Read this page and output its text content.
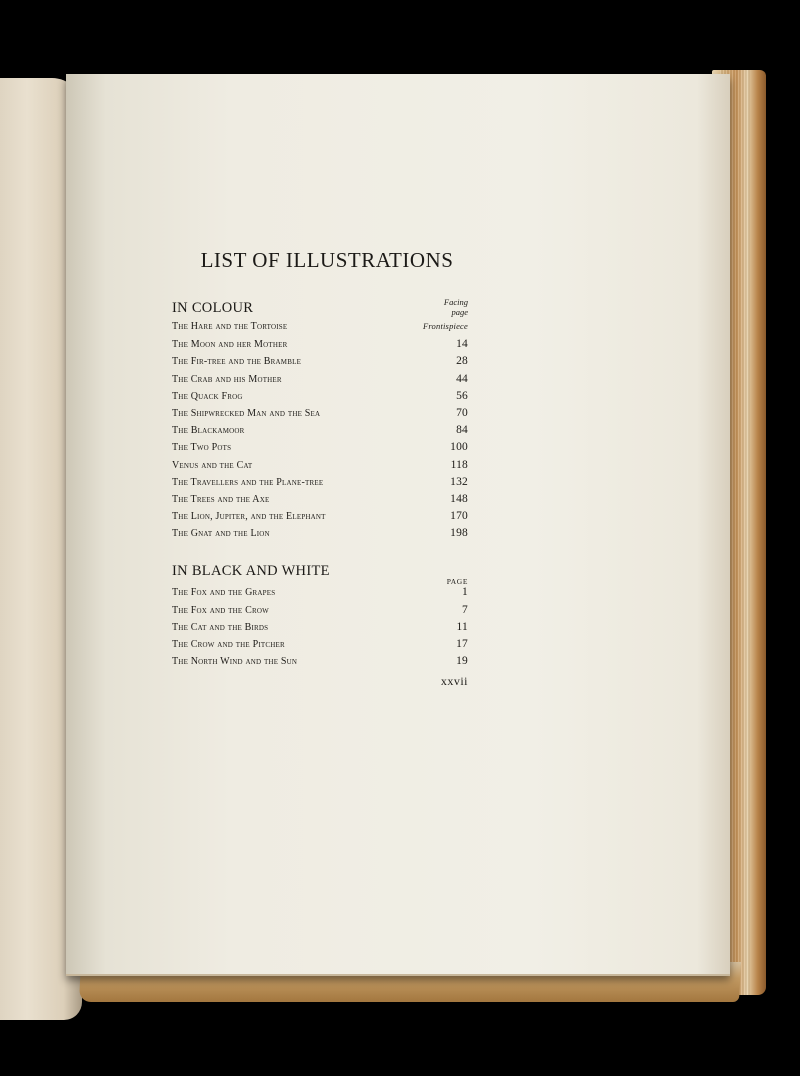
LIST OF ILLUSTRATIONS
IN COLOUR	Facing
page
The Hare and the Tortoise	Frontispiece
The Moon and her Mother	14
The Fir-tree and the Bramble	28
The Crab and his Mother	44
The Quack Frog	56
The Shipwrecked Man and the Sea	70
The Blackamoor	84
The Two Pots	100
Venus and the Cat	118
The Travellers and the Plane-tree	132
The Trees and the Axe	148
The Lion, Jupiter, and the Elephant	170
The Gnat and the Lion	198
IN BLACK AND WHITE
PAGE
The Fox and the Grapes	1
The Fox and the Crow	7
The Cat and the Birds	11
The Crow and the Pitcher	17
The North Wind and the Sun	19
xxvii
